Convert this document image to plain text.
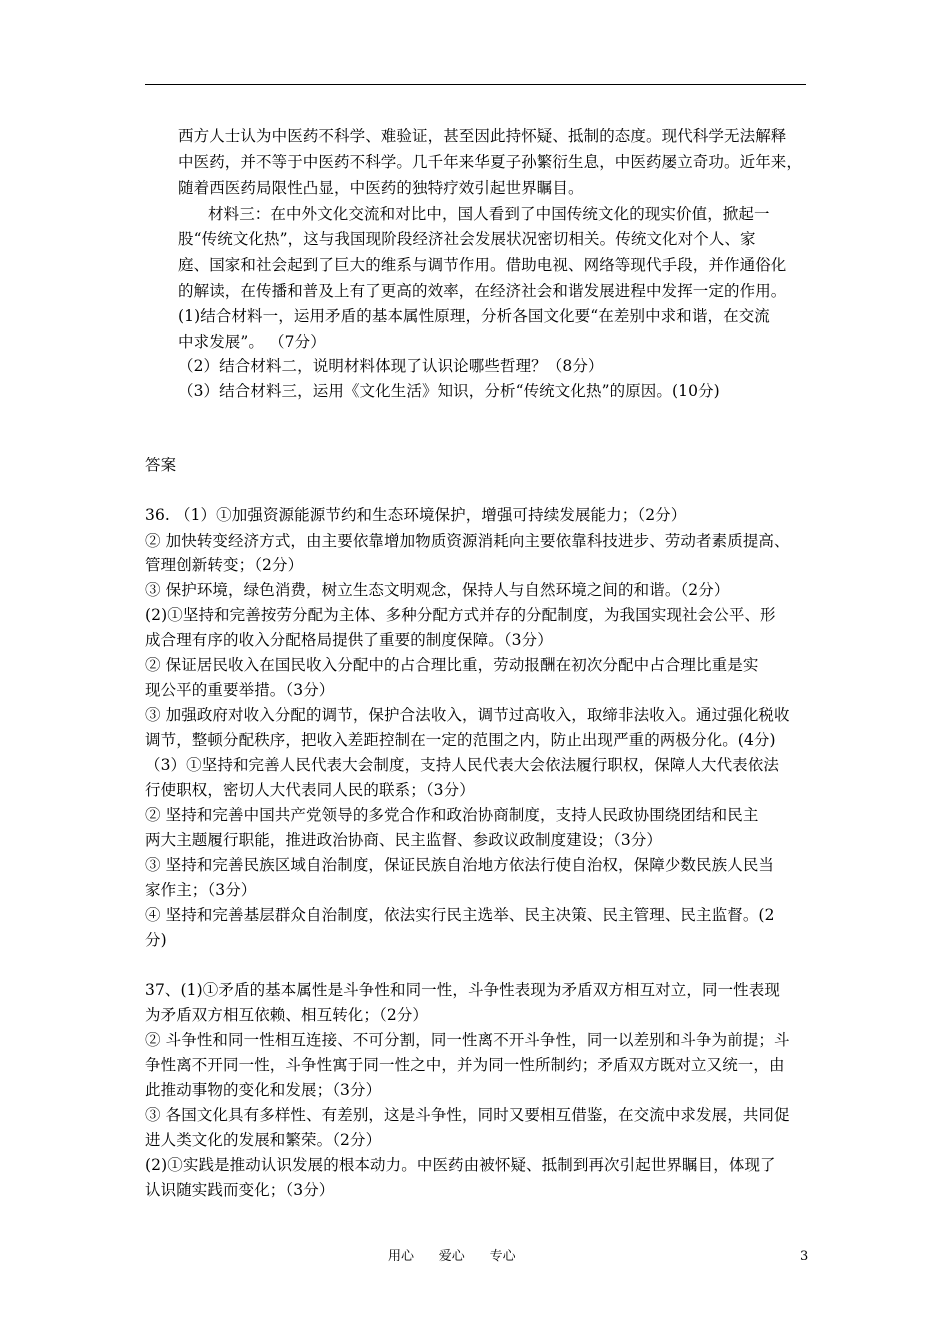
西方人士认为中医药不科学、难验证，甚至因此持怀疑、抵制的态度。现代科学无法解释
中医药，并不等于中医药不科学。几千年来华夏子孙繁衍生息，中医药屡立奇功。近年来，
随着西医药局限性凸显，中医药的独特疗效引起世界瞩目。
材料三：在中外文化交流和对比中，国人看到了中国传统文化的现实价值，掀起一
股“传统文化热”，这与我国现阶段经济社会发展状况密切相关。传统文化对个人、家
庭、国家和社会起到了巨大的维系与调节作用。借助电视、网络等现代手段，并作通俗化
的解读，在传播和普及上有了更高的效率，在经济社会和谐发展进程中发挥一定的作用。
(1)结合材料一，运用矛盾的基本属性原理，分析各国文化要“在差别中求和谐，在交流
中求发展”。 （7分）
（2）结合材料二，说明材料体现了认识论哪些哲理？（8分）
（3）结合材料三，运用《文化生活》知识，分析“传统文化热”的原因。(10分)
答案
36. （1）①加强资源能源节约和生态环境保护，增强可持续发展能力；（2分）
② 加快转变经济方式，由主要依靠增加物质资源消耗向主要依靠科技进步、劳动者素质提高、
管理创新转变；（2分）
③ 保护环境，绿色消费，树立生态文明观念，保持人与自然环境之间的和谐。（2分）
(2)①坚持和完善按劳分配为主体、多种分配方式并存的分配制度，为我国实现社会公平、形
成合理有序的收入分配格局提供了重要的制度保障。（3分）
② 保证居民收入在国民收入分配中的占合理比重，劳动报酬在初次分配中占合理比重是实
现公平的重要举措。（3分）
③ 加强政府对收入分配的调节，保护合法收入，调节过高收入，取缔非法收入。通过强化税收
调节，整顿分配秩序，把收入差距控制在一定的范围之内，防止出现严重的两极分化。(4分)
（3）①坚持和完善人民代表大会制度，支持人民代表大会依法履行职权，保障人大代表依法
行使职权，密切人大代表同人民的联系；（3分）
② 坚持和完善中国共产党领导的多党合作和政治协商制度，支持人民政协围绕团结和民主
两大主题履行职能，推进政治协商、民主监督、参政议政制度建设；（3分）
③ 坚持和完善民族区域自治制度，保证民族自治地方依法行使自治权，保障少数民族人民当
家作主；（3分）
④ 坚持和完善基层群众自治制度，依法实行民主选举、民主决策、民主管理、民主监督。(2
分)
37、(1)①矛盾的基本属性是斗争性和同一性，斗争性表现为矛盾双方相互对立，同一性表现
为矛盾双方相互依赖、相互转化；（2分）
② 斗争性和同一性相互连接、不可分割，同一性离不开斗争性，同一以差别和斗争为前提；斗
争性离不开同一性，斗争性寓于同一性之中，并为同一性所制约；矛盾双方既对立又统一，由
此推动事物的变化和发展；（3分）
③ 各国文化具有多样性、有差别，这是斗争性，同时又要相互借鉴，在交流中求发展，共同促
进人类文化的发展和繁荣。（2分）
(2)①实践是推动认识发展的根本动力。中医药由被怀疑、抵制到再次引起世界瞩目，体现了
认识随实践而变化；（3分）
用心      爱心      专心	3
